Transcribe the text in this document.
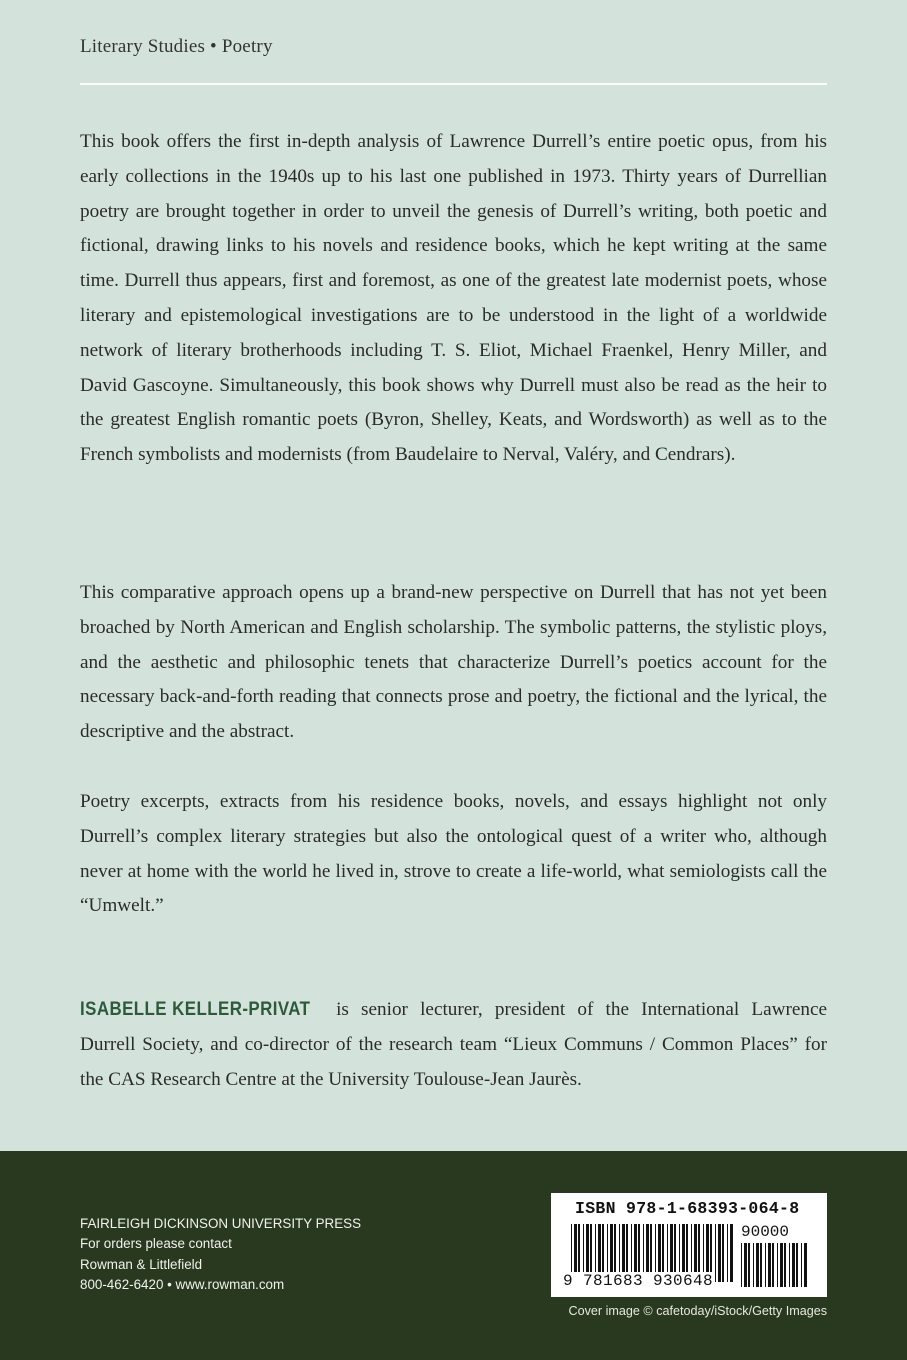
Literary Studies • Poetry

This book offers the first in-depth analysis of Lawrence Durrell’s entire poetic opus, from his early collections in the 1940s up to his last one published in 1973. Thirty years of Durrellian poetry are brought together in order to unveil the genesis of Durrell’s writing, both poetic and fictional, drawing links to his novels and residence books, which he kept writing at the same time. Durrell thus appears, first and foremost, as one of the greatest late modernist poets, whose literary and epistemological investigations are to be understood in the light of a worldwide network of literary brotherhoods including T. S. Eliot, Michael Fraenkel, Henry Miller, and David Gascoyne. Simultaneously, this book shows why Durrell must also be read as the heir to the greatest English romantic poets (Byron, Shelley, Keats, and Wordsworth) as well as to the French symbolists and modernists (from Baudelaire to Nerval, Valéry, and Cendrars).

This comparative approach opens up a brand-new perspective on Durrell that has not yet been broached by North American and English scholarship. The symbolic patterns, the stylistic ploys, and the aesthetic and philosophic tenets that characterize Durrell’s poetics account for the necessary back-and-forth reading that connects prose and poetry, the fictional and the lyrical, the descriptive and the abstract.

Poetry excerpts, extracts from his residence books, novels, and essays highlight not only Durrell’s complex literary strategies but also the ontological quest of a writer who, although never at home with the world he lived in, strove to create a life-world, what semiologists call the “Umwelt.”

ISABELLE KELLER-PRIVAT is senior lecturer, president of the International Lawrence Durrell Society, and co-director of the research team “Lieux Communs / Common Places” for the CAS Research Centre at the University Toulouse-Jean Jaurès.

FAIRLEIGH DICKINSON UNIVERSITY PRESS
For orders please contact
Rowman & Littlefield
800-462-6420 • www.rowman.com
ISBN 978-1-68393-064-8
90000
9 781683 930648
Cover image © cafetoday/iStock/Getty Images
